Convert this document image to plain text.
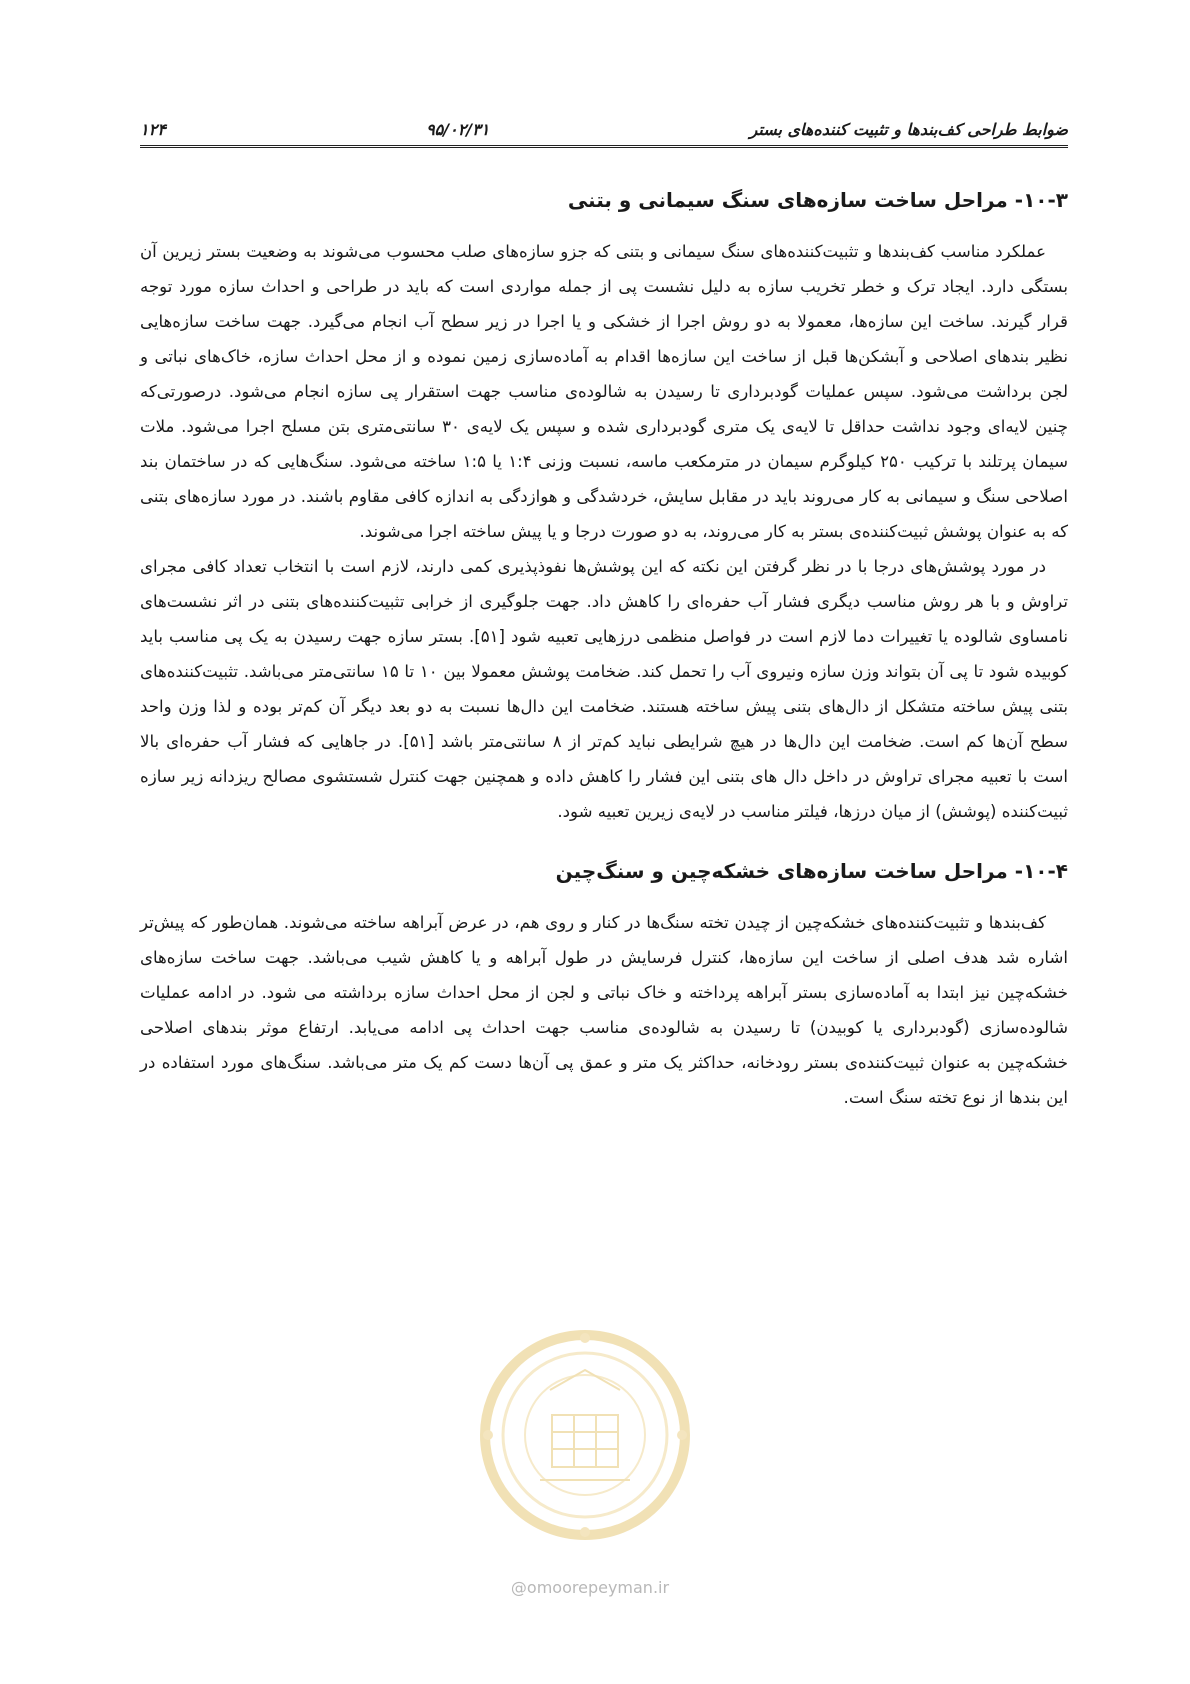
ضوابط طراحی کف‌بندها و تثبیت کننده‌های بستر
۹۵/۰۲/۳۱
۱۲۴
۱۰-۳- مراحل ساخت سازه‌های سنگ سیمانی و بتنی

عملکرد مناسب کف‌بندها و تثبیت‌کننده‌های سنگ سیمانی و بتنی که جزو سازه‌های صلب محسوب می‌شوند به وضعیت بستر زیرین آن بستگی دارد. ایجاد ترک و خطر تخریب سازه به دلیل نشست پی از جمله مواردی است که باید در طراحی و احداث سازه مورد توجه قرار گیرند. ساخت این سازه‌ها، معمولا به دو روش اجرا از خشکی و یا اجرا در زیر سطح آب انجام می‌گیرد. جهت ساخت سازه‌هایی نظیر بندهای اصلاحی و آبشکن‌ها قبل از ساخت این سازه‌ها اقدام به آماده‌سازی زمین نموده و از محل احداث سازه، خاک‌های نباتی و لجن برداشت می‌شود. سپس عملیات گودبرداری تا رسیدن به شالوده‌ی مناسب جهت استقرار پی سازه انجام می‌شود. درصورتی‌که چنین لایه‌ای وجود نداشت حداقل تا لایه‌ی یک متری گودبرداری شده و سپس یک لایه‌ی ۳۰ سانتی‌متری بتن مسلح اجرا می‌شود. ملات سیمان پرتلند با ترکیب ۲۵۰ کیلوگرم سیمان در مترمکعب ماسه، نسبت وزنی ۱:۴ یا ۱:۵ ساخته می‌شود. سنگ‌هایی که در ساختمان بند اصلاحی سنگ و سیمانی به کار می‌روند باید در مقابل سایش، خردشدگی و هوازدگی به اندازه کافی مقاوم باشند. در مورد سازه‌های بتنی که به عنوان پوشش ثبیت‌کننده‌ی بستر به کار می‌روند، به دو صورت درجا و یا پیش ساخته اجرا می‌شوند.

در مورد پوشش‌های درجا با در نظر گرفتن این نکته که این پوشش‌ها نفوذپذیری کمی دارند، لازم است با انتخاب تعداد کافی مجرای تراوش و با هر روش مناسب دیگری فشار آب حفره‌ای را کاهش داد. جهت جلوگیری از خرابی تثبیت‌کننده‌های بتنی در اثر نشست‌های نامساوی شالوده یا تغییرات دما لازم است در فواصل منظمی درزهایی تعبیه شود [۵۱]. بستر سازه جهت رسیدن به یک پی مناسب باید کوبیده شود تا پی آن بتواند وزن سازه ونیروی آب را تحمل کند. ضخامت پوشش معمولا بین ۱۰ تا ۱۵ سانتی‌متر می‌باشد. تثبیت‌کننده‌های بتنی پیش ساخته متشکل از دال‌های بتنی پیش ساخته هستند. ضخامت این دال‌ها نسبت به دو بعد دیگر آن کم‌تر بوده و لذا وزن واحد سطح آن‌ها کم است. ضخامت این دال‌ها در هیچ شرایطی نباید کم‌تر از ۸ سانتی‌متر باشد [۵۱]. در جاهایی که فشار آب حفره‌ای بالا است با تعبیه مجرای تراوش در داخل دال های بتنی این فشار را کاهش داده و همچنین جهت کنترل شستشوی مصالح ریزدانه زیر سازه ثبیت‌کننده (پوشش) از میان درزها، فیلتر مناسب در لایه‌ی زیرین تعبیه شود.

۱۰-۴- مراحل ساخت سازه‌های خشکه‌چین و سنگ‌چین

کف‌بندها و تثبیت‌کننده‌های خشکه‌چین از چیدن تخته سنگ‌ها در کنار و روی هم، در عرض آبراهه ساخته می‌شوند. همان‌طور که پیش‌تر اشاره شد هدف اصلی از ساخت این سازه‌ها، کنترل فرسایش در طول آبراهه و یا کاهش شیب می‌باشد. جهت ساخت سازه‌های خشکه‌چین نیز ابتدا به آماده‌سازی بستر آبراهه پرداخته و خاک نباتی و لجن از محل احداث سازه برداشته می شود. در ادامه عملیات شالوده‌سازی (گودبرداری یا کوبیدن) تا رسیدن به شالوده‌ی مناسب جهت احداث پی ادامه می‌یابد. ارتفاع موثر بندهای اصلاحی خشکه‌چین به عنوان ثبیت‌کننده‌ی بستر رودخانه، حداکثر یک متر و عمق پی آن‌ها دست کم یک متر می‌باشد. سنگ‌های مورد استفاده در این بندها از نوع تخته سنگ است.

@omoorepeyman.ir
